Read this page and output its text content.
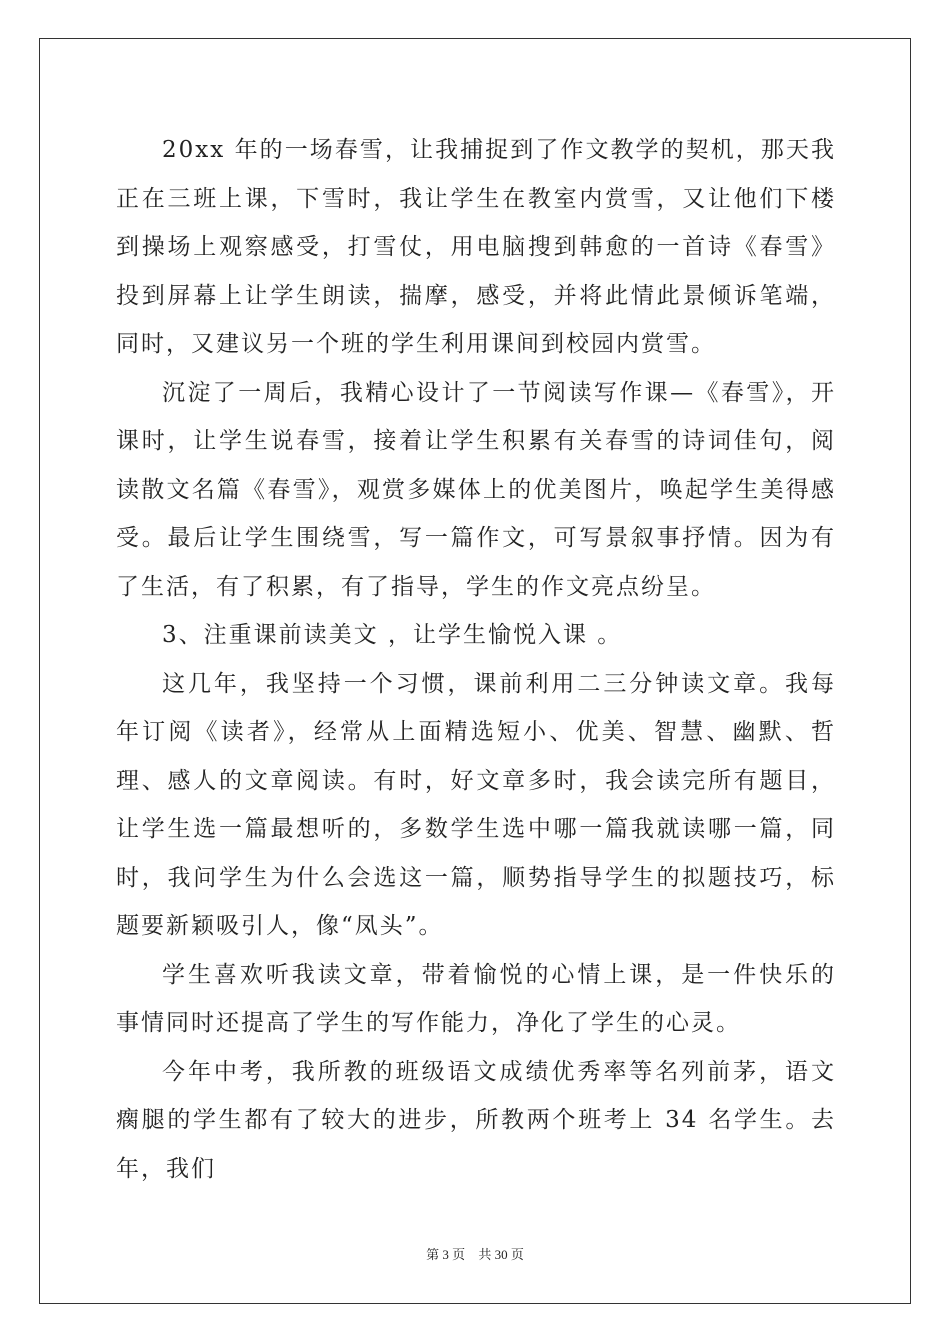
20xx 年的一场春雪，让我捕捉到了作文教学的契机，那天我正在三班上课，下雪时，我让学生在教室内赏雪，又让他们下楼到操场上观察感受，打雪仗，用电脑搜到韩愈的一首诗《春雪》投到屏幕上让学生朗读，揣摩，感受，并将此情此景倾诉笔端，同时，又建议另一个班的学生利用课间到校园内赏雪。

沉淀了一周后，我精心设计了一节阅读写作课—《春雪》，开课时，让学生说春雪，接着让学生积累有关春雪的诗词佳句，阅读散文名篇《春雪》，观赏多媒体上的优美图片，唤起学生美得感受。最后让学生围绕雪，写一篇作文，可写景叙事抒情。因为有了生活，有了积累，有了指导，学生的作文亮点纷呈。

3、注重课前读美文 ，让学生愉悦入课 。

这几年，我坚持一个习惯，课前利用二三分钟读文章。我每年订阅《读者》，经常从上面精选短小、优美、智慧、幽默、哲理、感人的文章阅读。有时，好文章多时，我会读完所有题目，让学生选一篇最想听的，多数学生选中哪一篇我就读哪一篇，同时，我问学生为什么会选这一篇，顺势指导学生的拟题技巧，标题要新颖吸引人，像“凤头”。

学生喜欢听我读文章，带着愉悦的心情上课，是一件快乐的事情同时还提高了学生的写作能力，净化了学生的心灵。

今年中考，我所教的班级语文成绩优秀率等名列前茅，语文瘸腿的学生都有了较大的进步，所教两个班考上 34 名学生。去年，我们

第 3 页 共 30 页
